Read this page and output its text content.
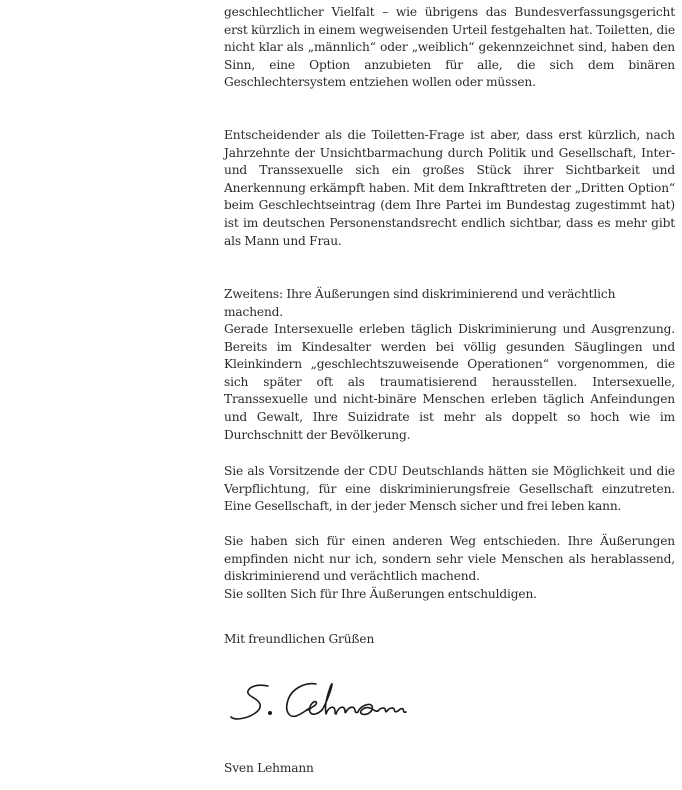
geschlechtlicher Vielfalt – wie übrigens das Bundesverfassungsgericht erst kürzlich in einem wegweisenden Urteil festgehalten hat. Toiletten, die nicht klar als „männlich“ oder „weiblich“ gekennzeichnet sind, haben den Sinn, eine Option anzubieten für alle, die sich dem binären Geschlechtersystem entziehen wollen oder müssen.

Entscheidender als die Toiletten-Frage ist aber, dass erst kürzlich, nach Jahrzehnte der Unsichtbarmachung durch Politik und Gesellschaft, Inter- und Transsexuelle sich ein großes Stück ihrer Sichtbarkeit und Anerkennung erkämpft haben. Mit dem Inkrafttreten der „Dritten Option“ beim Geschlechtseintrag (dem Ihre Partei im Bundestag zugestimmt hat) ist im deutschen Personenstandsrecht endlich sichtbar, dass es mehr gibt als Mann und Frau.

Zweitens: Ihre Äußerungen sind diskriminierend und verächtlich machend.

Gerade Intersexuelle erleben täglich Diskriminierung und Ausgrenzung. Bereits im Kindesalter werden bei völlig gesunden Säuglingen und Kleinkindern „geschlechtszuweisende Operationen“ vorgenommen, die sich später oft als traumatisierend herausstellen. Intersexuelle, Transsexuelle und nicht-binäre Menschen erleben täglich Anfeindungen und Gewalt, Ihre Suizidrate ist mehr als doppelt so hoch wie im Durchschnitt der Bevölkerung.

Sie als Vorsitzende der CDU Deutschlands hätten sie Möglichkeit und die Verpflichtung, für eine diskriminierungsfreie Gesellschaft einzutreten. Eine Gesellschaft, in der jeder Mensch sicher und frei leben kann.

Sie haben sich für einen anderen Weg entschieden. Ihre Äußerungen empfinden nicht nur ich, sondern sehr viele Menschen als herablassend, diskriminierend und verächtlich machend.

Sie sollten Sich für Ihre Äußerungen entschuldigen.

Mit freundlichen Grüßen

Sven Lehmann
